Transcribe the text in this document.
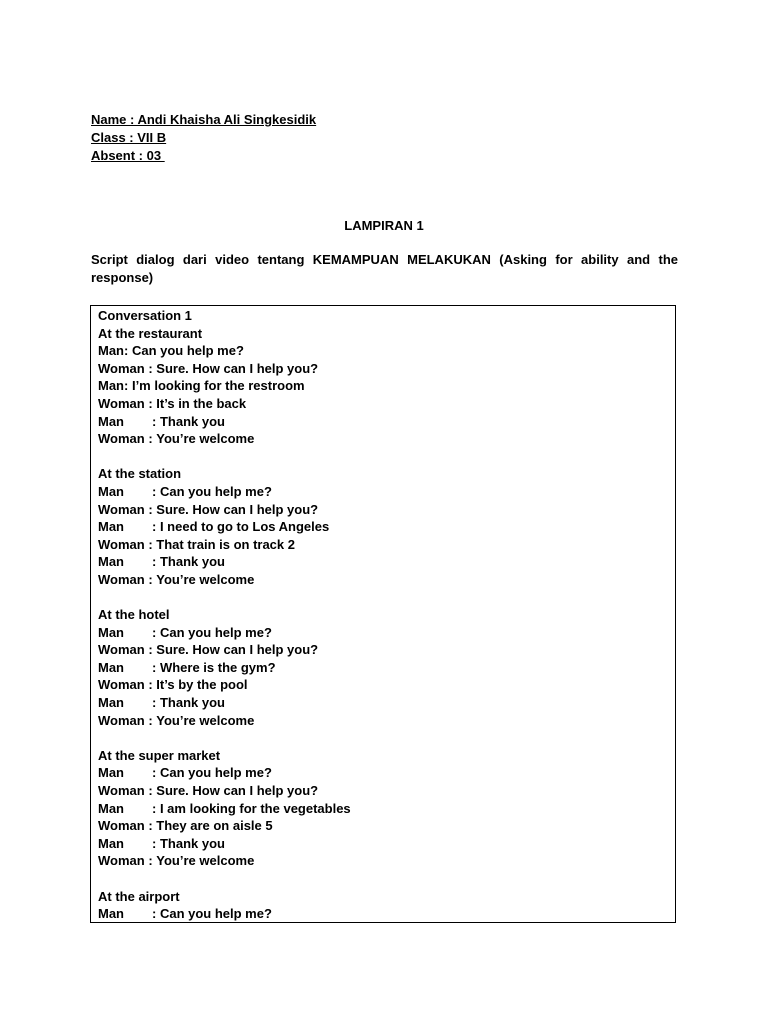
Name : Andi Khaisha Ali Singkesidik
Class : VII B
Absent : 03
LAMPIRAN 1
Script dialog dari video tentang KEMAMPUAN MELAKUKAN (Asking for ability and the response)
Conversation 1
At the restaurant
Man : Can you help me?
Woman : Sure. How can I help you?
Man : I’m looking for the restroom
Woman : It’s in the back
Man	: Thank you
Woman : You’re welcome
At the station
Man	: Can you help me?
Woman : Sure. How can I help you?
Man	: I need to go to Los Angeles
Woman : That train is on track 2
Man	: Thank you
Woman : You’re welcome
At the hotel
Man	: Can you help me?
Woman : Sure. How can I help you?
Man	: Where is the gym?
Woman : It’s by the pool
Man	: Thank you
Woman : You’re welcome
At the super market
Man	: Can you help me?
Woman : Sure. How can I help you?
Man	: I am looking for the vegetables
Woman : They are on aisle 5
Man	: Thank you
Woman : You’re welcome
At the airport
Man	: Can you help me?
